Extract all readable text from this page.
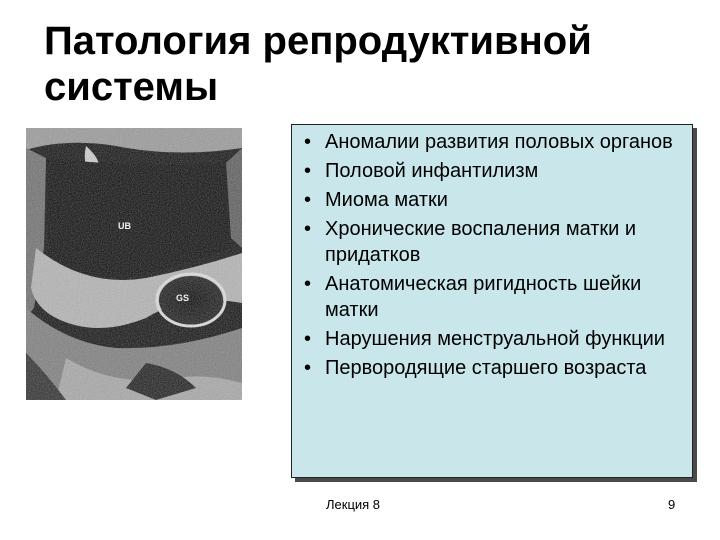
Патология репродуктивной системы
UB
GS
• Аномалии развития половых органов
• Половой инфантилизм
• Миома матки
• Хронические воспаления матки и придатков
• Анатомическая ригидность шейки матки
• Нарушения менструальной функции
• Первородящие старшего возраста
Лекция 8	9
